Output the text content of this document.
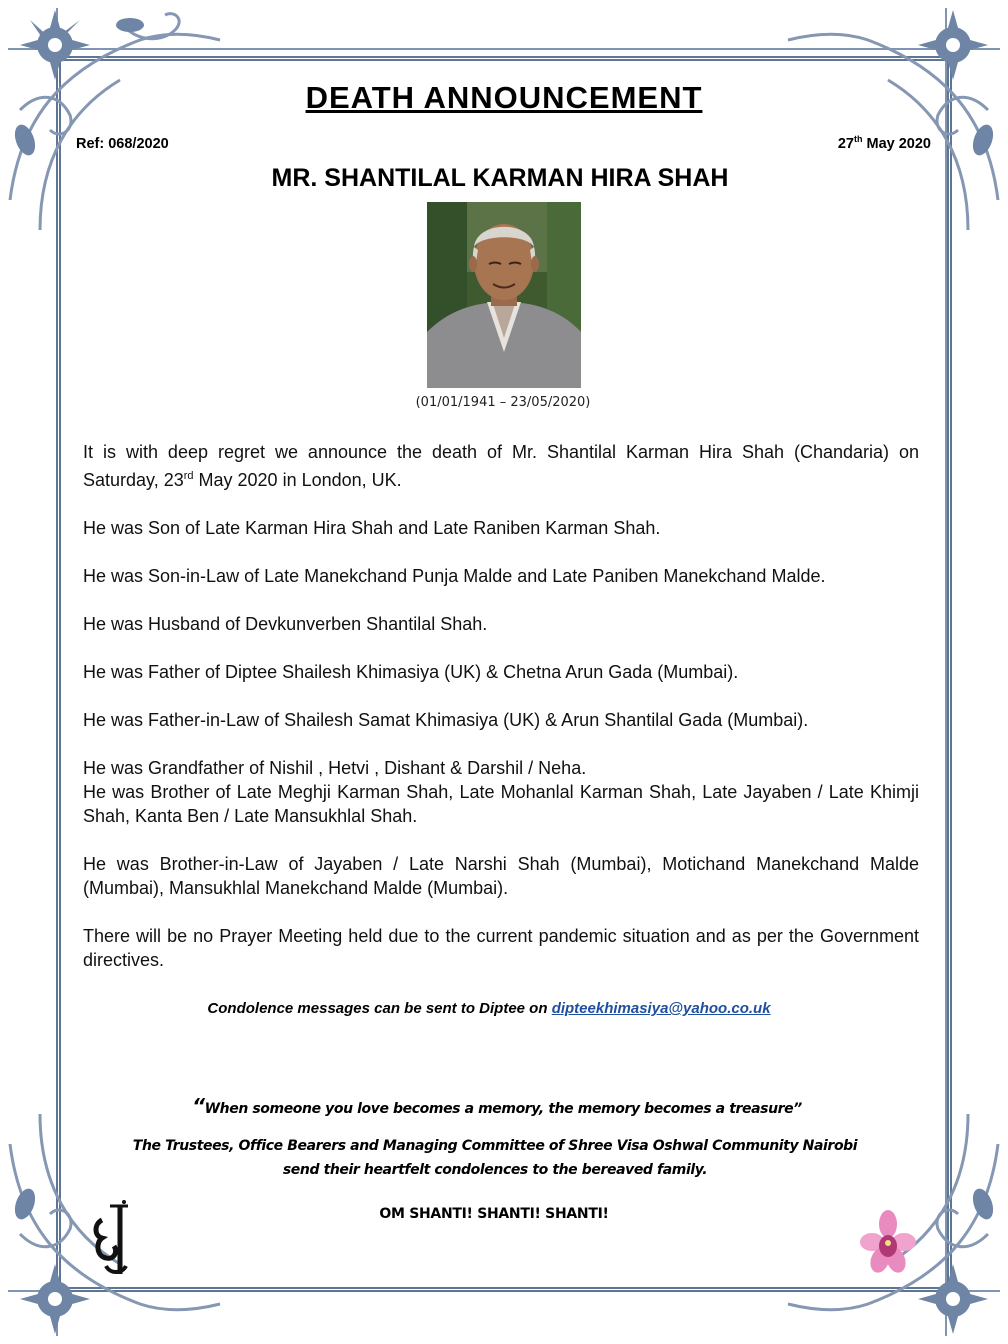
DEATH ANNOUNCEMENT
Ref: 068/2020	27th May 2020
MR. SHANTILAL KARMAN HIRA SHAH
(01/01/1941 – 23/05/2020)

It is with deep regret we announce the death of Mr. Shantilal Karman Hira Shah (Chandaria) on Saturday, 23rd May 2020 in London, UK.

He was Son of Late Karman Hira Shah and Late Raniben Karman Shah.

He was Son-in-Law of Late Manekchand Punja Malde and Late Paniben Manekchand Malde.

He was Husband of Devkunverben Shantilal Shah.

He was Father of Diptee Shailesh Khimasiya (UK) & Chetna Arun Gada (Mumbai).

He was Father-in-Law of Shailesh Samat Khimasiya (UK) & Arun Shantilal Gada (Mumbai).

He was Grandfather of Nishil , Hetvi , Dishant & Darshil / Neha.

He was Brother of Late Meghji Karman Shah, Late Mohanlal Karman Shah, Late Jayaben / Late Khimji Shah, Kanta Ben / Late Mansukhlal Shah.

He was Brother-in-Law of Jayaben / Late Narshi Shah (Mumbai), Motichand Manekchand Malde (Mumbai), Mansukhlal Manekchand Malde (Mumbai).

There will be no Prayer Meeting held due to the current pandemic situation and as per the Government directives.

Condolence messages can be sent to Diptee on dipteekhimasiya@yahoo.co.uk
“When someone you love becomes a memory, the memory becomes a treasure”
The Trustees, Office Bearers and Managing Committee of Shree Visa Oshwal Community Nairobi
send their heartfelt condolences to the bereaved family.
OM SHANTI! SHANTI! SHANTI!
